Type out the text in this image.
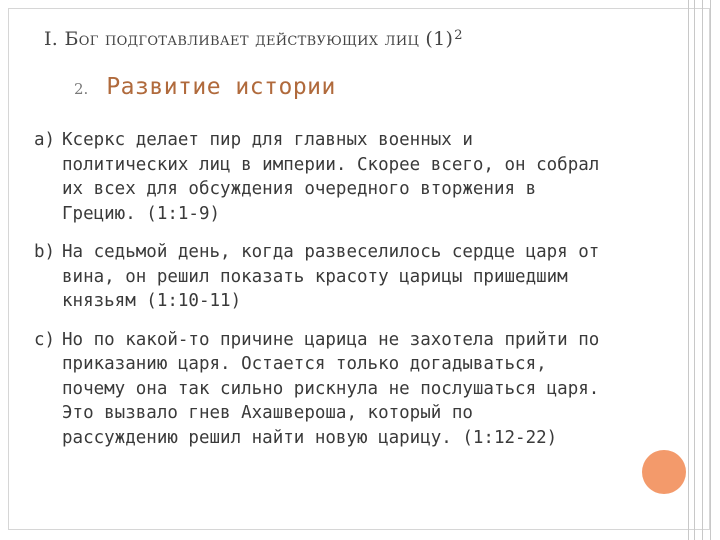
I. Бог подготавливает действующих лиц $(1)^2$
2. Развитие истории
a) Ксеркс делает пир для главных военных и
политических лиц в империи. Скорее всего, он собрал
их всех для обсуждения очередного вторжения в
Грецию. (1:1-9)
b) На седьмой день, когда развеселилось сердце царя от
вина, он решил показать красоту царицы пришедшим
князьям (1:10-11)
c) Но по какой-то причине царица не захотела прийти по
приказанию царя. Остается только догадываться,
почему она так сильно рискнула не послушаться царя.
Это вызвало гнев Ахашвероша, который по
рассуждению решил найти новую царицу. (1:12-22)
